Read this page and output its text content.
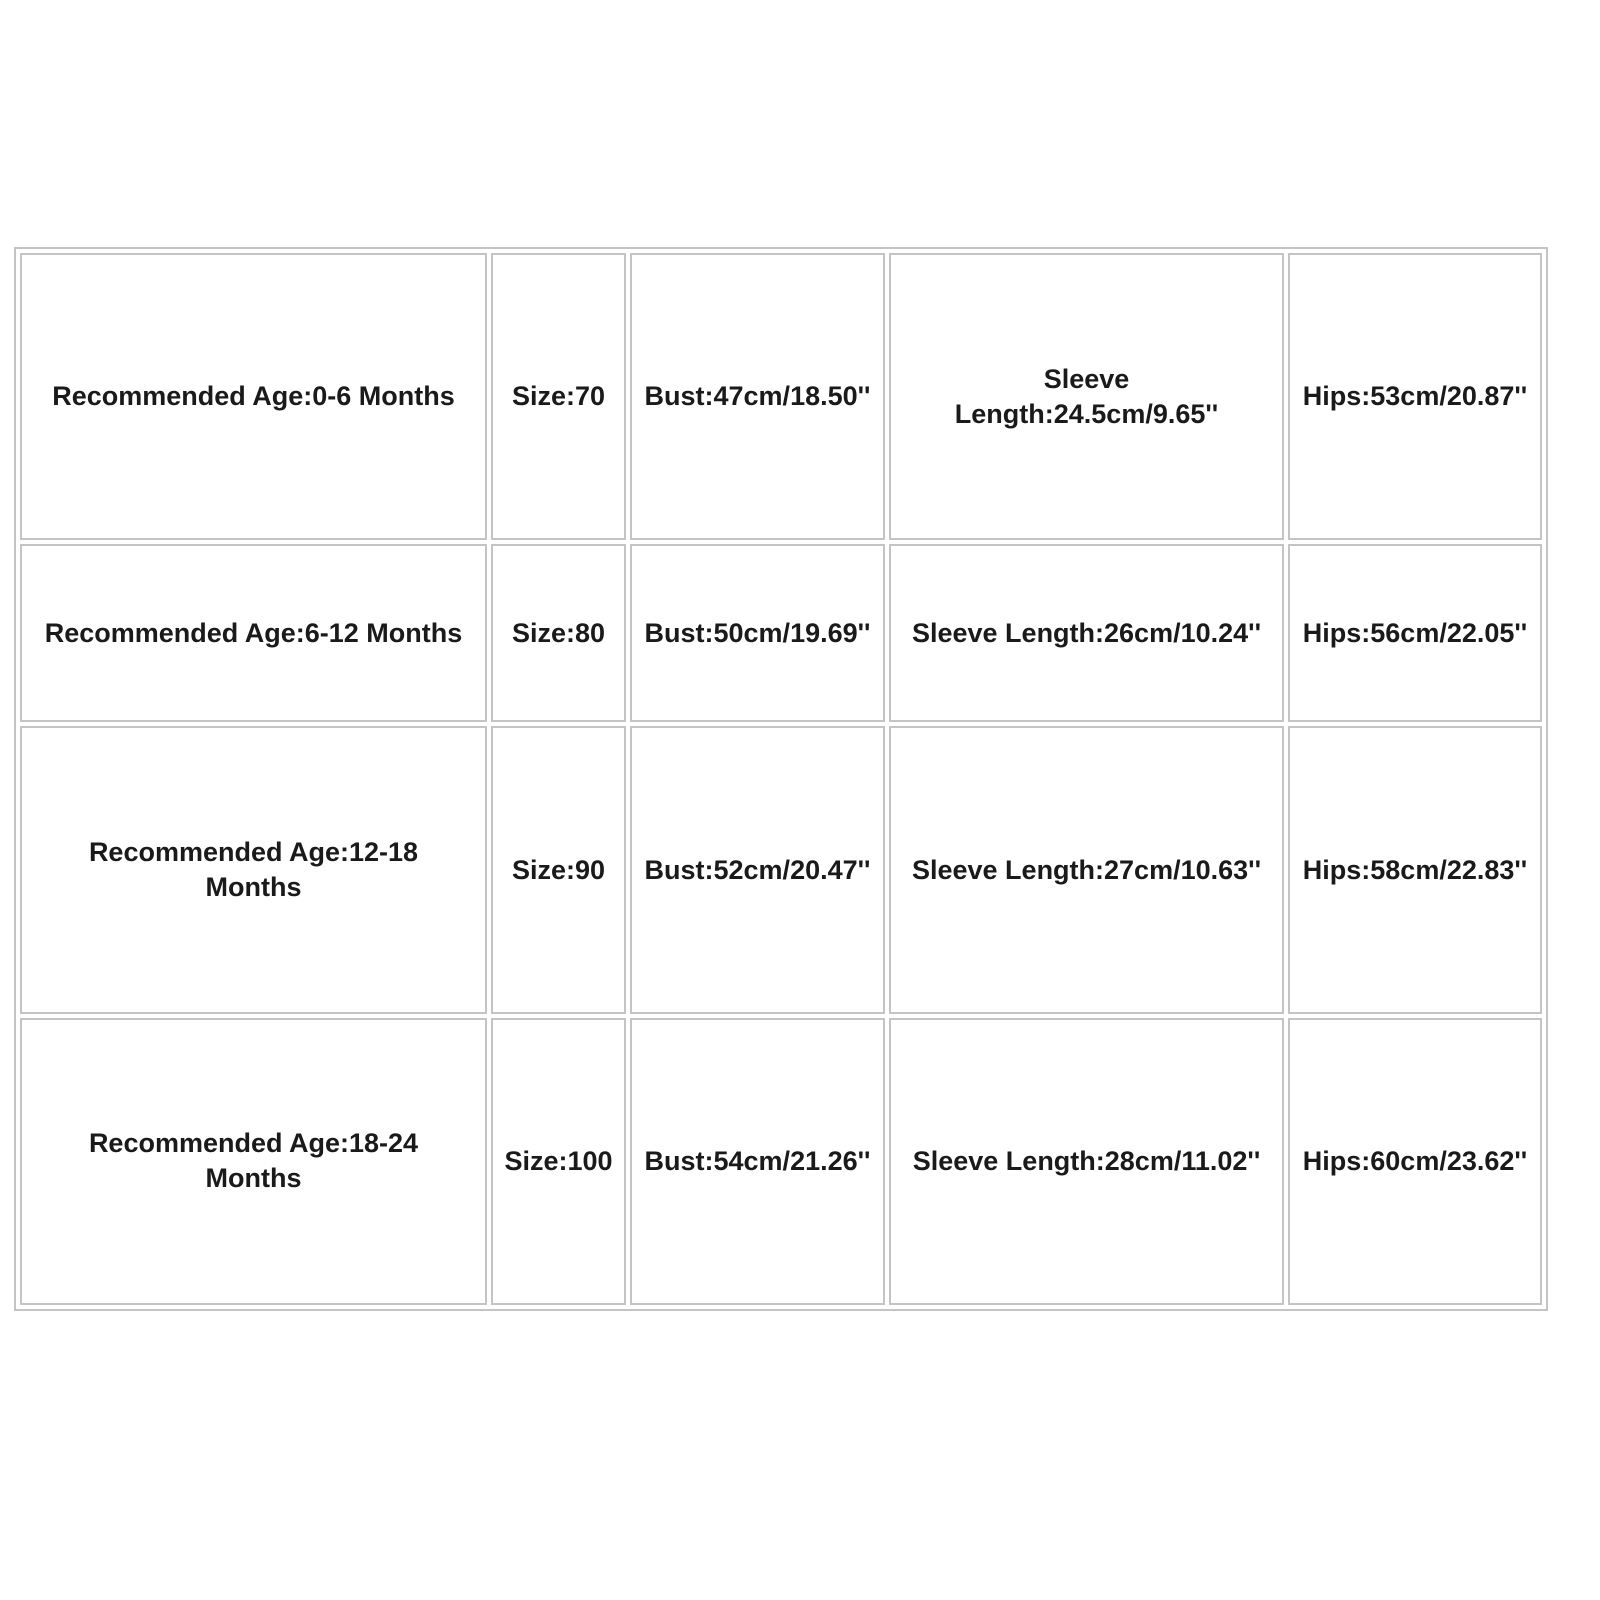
Recommended Age:0-6 Months	Size:70	Bust:47cm/18.50''	Sleeve Length:24.5cm/9.65''	Hips:53cm/20.87''
Recommended Age:6-12 Months	Size:80	Bust:50cm/19.69''	Sleeve Length:26cm/10.24''	Hips:56cm/22.05''
Recommended Age:12-18 Months	Size:90	Bust:52cm/20.47''	Sleeve Length:27cm/10.63''	Hips:58cm/22.83''
Recommended Age:18-24 Months	Size:100	Bust:54cm/21.26''	Sleeve Length:28cm/11.02''	Hips:60cm/23.62''
